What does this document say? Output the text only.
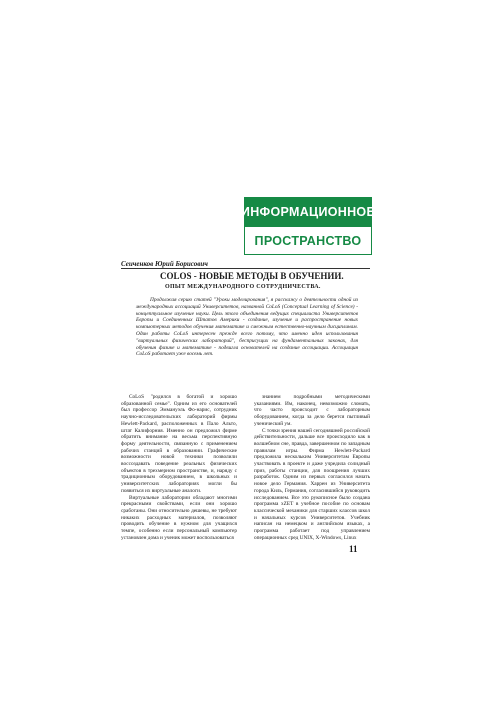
ИНФОРМАЦИОННОЕ
ПРОСТРАНСТВО
Сеиченков Юрий Борисович
COLOS - НОВЫЕ МЕТОДЫ В ОБУЧЕНИИ.
ОПЫТ МЕЖДУНАРОДНОГО СОТРУДНИЧЕСТВА.

Продолжая серию статей "Уроки моделирования", я расскажу о деятельности одной из международных ассоциаций Университетов, названной CoLoS (Conceptual Learning of Science) - концептуальное изучение науки. Цель этого объединения ведущих специалиста Университетов Европы и Соединенных Штатов Америки - создание, изучение и распространение новых компьютерных методов обучения математике и смежным естественно-научным дисциплинам. Один работы CoLoS интересен прежде всего потому, что именно идея использования "виртуальных физических лабораторий", бесприсущих на фундаментальных законах, для обучения физике и математике - подвигла основателей на создание ассоциации. Ассоциация CoLoS работает уже восемь лет.

CoLoS "родился в богатой и хорошо образованной семье". Одним из его основателей был профессор Эммануэль Фо-нарис, сотрудник научно-исследовательских лабораторий фирмы Hewlett-Packard, расположенных в Пало Альто, штат Калифорния. Именно он предложил фирме обратить внимание на весьма перспективную форму деятельности, связанную с применением рабочих станций в образовании. Графические возможности новой техники позволили воссоздавать поведение реальных физических объектов в трехмерном пространстве, и, наряду с традиционным оборудованием, в школьных и университетских лабораториях могли бы появиться их виртуальные аналоги.

Виртуальные лаборатории обладают многими прекрасными свойствами, если они хорошо сработаны. Они относительно дешевы, не требуют никаких расходных материалов, позволяют проводить обучение в нужном для учащихся темпе, особенно если персональный компьютер установлен дома и ученик может воспользоваться

знанием подробными методическими указаниями. Им, наконец, невозможно сломать, что часто происходит с лабораторным оборудованием, когда за дело берется пытливый ученический ум.

С точки зрения нашей сегодняшней российской действительности, дальше все происходило как в волшебном сне, правда, завершенном по западным правилам игры. Фирма Hewlett-Packard предложила нескольким Университетам Европы участвовать в проекте и даже учредила солидный приз, работы станции, для поощрения лучших разработок. Одним из первых согласился начать новое дело Германия. Харрен из Университета города Киль, Германия, согласившийся руководить исследованием. Все это рукописное было создана программа xZET в учебное пособие по основам классической механики для старших классов школ и начальных курсов Университетов. Учебник написан на немецком и английском языках, а программа работает под управлением операционных сред UNIX, X-Windows, Linux

11
